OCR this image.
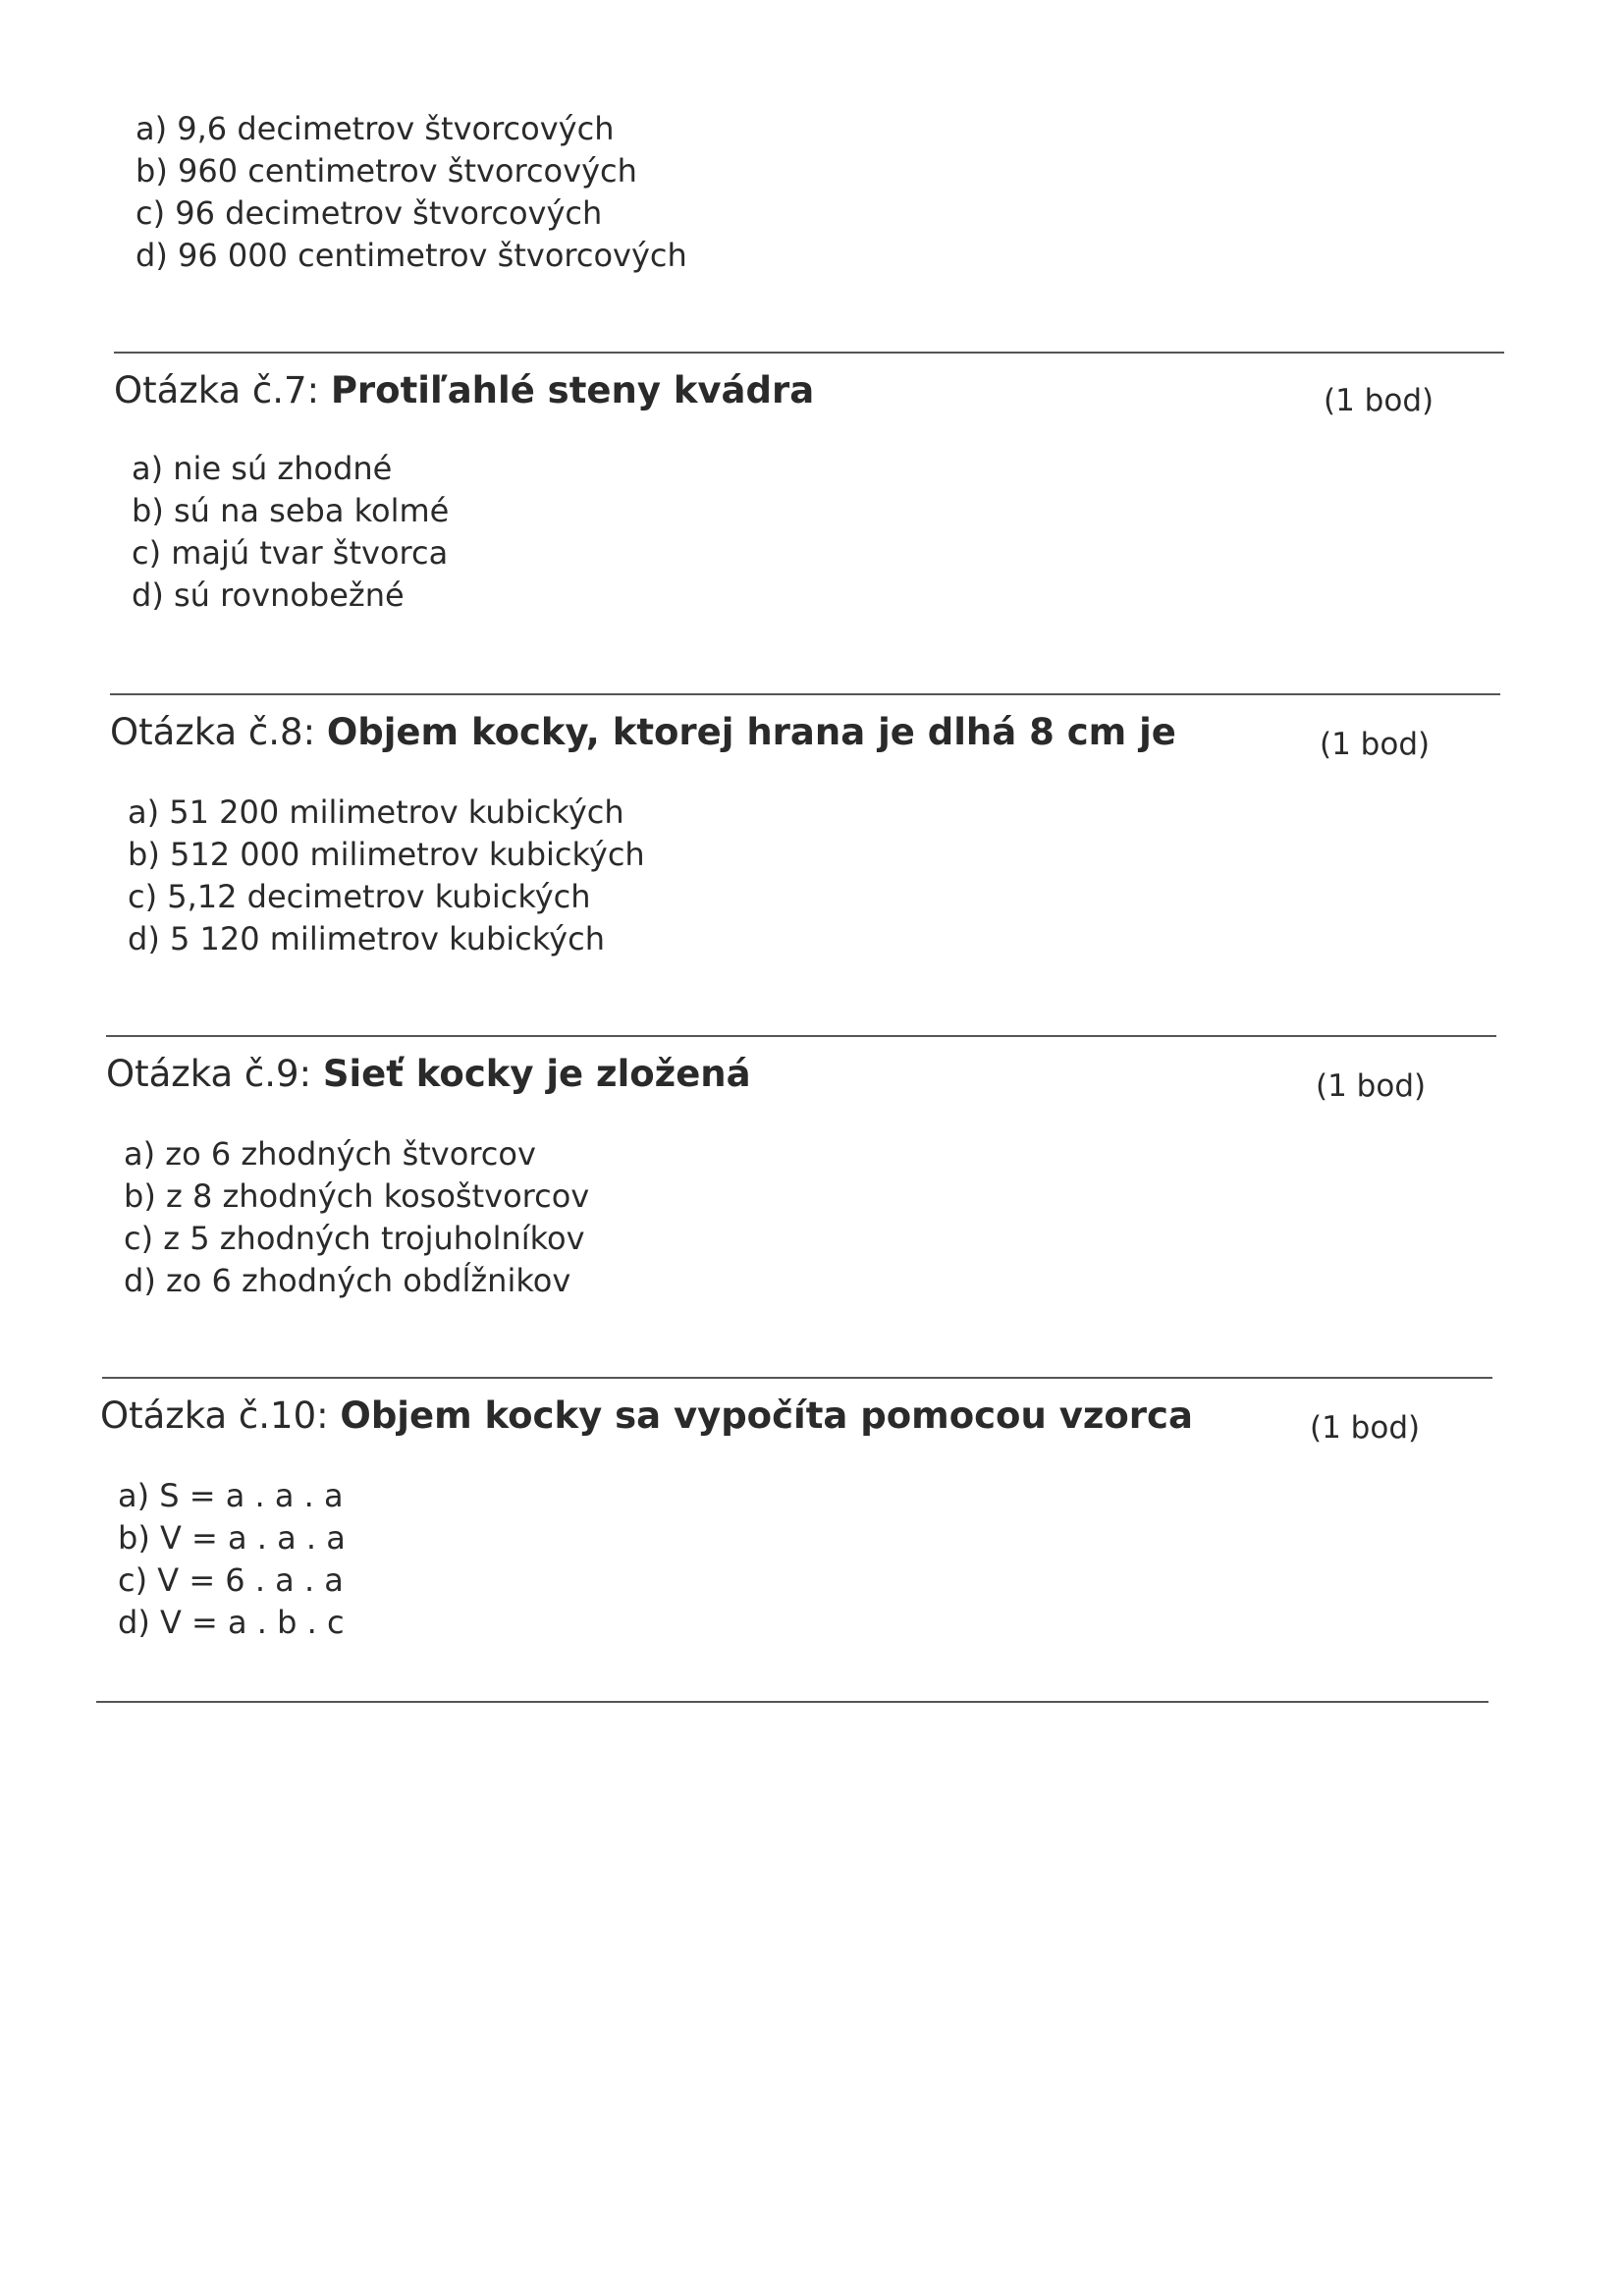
a) 9,6 decimetrov štvorcových
b) 960 centimetrov štvorcových
c) 96 decimetrov štvorcových
d) 96 000 centimetrov štvorcových
Otázka č.7: Protiľahlé steny kvádra	(1 bod)
a) nie sú zhodné
b) sú na seba kolmé
c) majú tvar štvorca
d) sú rovnobežné
Otázka č.8: Objem kocky, ktorej hrana je dlhá 8 cm je	(1 bod)
a) 51 200 milimetrov kubických
b) 512 000 milimetrov kubických
c) 5,12 decimetrov kubických
d) 5 120 milimetrov kubických
Otázka č.9: Sieť kocky je zložená	(1 bod)
a) zo 6 zhodných štvorcov
b) z 8 zhodných kosoštvorcov
c) z 5 zhodných trojuholníkov
d) zo 6 zhodných obdĺžnikov
Otázka č.10: Objem kocky sa vypočíta pomocou vzorca	(1 bod)
a) S = a . a . a
b) V = a . a . a
c) V = 6 . a . a
d) V = a . b . c
